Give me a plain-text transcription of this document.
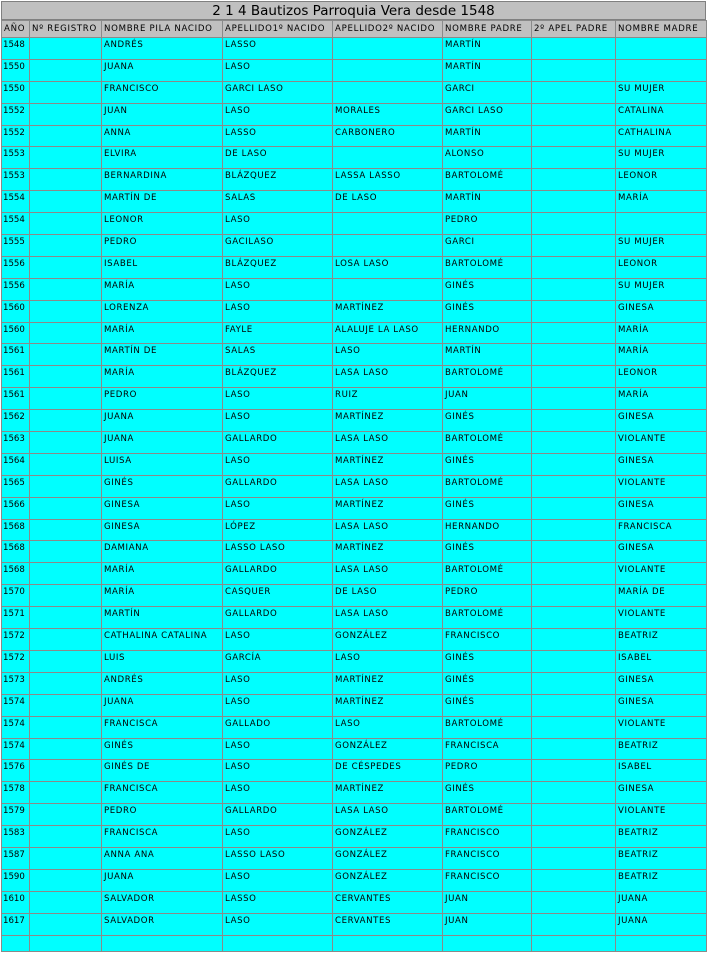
2 1 4 Bautizos Parroquia Vera desde 1548
AÑO	Nº REGISTRO	NOMBRE PILA NACIDO	APELLIDO1º NACIDO	APELLIDO2º NACIDO	NOMBRE PADRE	2º APEL PADRE	NOMBRE MADRE
1548		ANDRÉS	LASSO		MARTÍN		
1550		JUANA	LASO		MARTÍN		
1550		FRANCISCO	GARCI LASO		GARCI		SU MUJER
1552		JUAN	LASO	MORALES	GARCI LASO		CATALINA
1552		ANNA	LASSO	CARBONERO	MARTÍN		CATHALINA
1553		ELVIRA	DE LASO		ALONSO		SU MUJER
1553		BERNARDINA	BLÁZQUEZ	LASSA LASSO	BARTOLOMÉ		LEONOR
1554		MARTÍN DE	SALAS	DE LASO	MARTÍN		MARÍA
1554		LEONOR	LASO		PEDRO		
1555		PEDRO	GACILASO		GARCI		SU MUJER
1556		ISABEL	BLÁZQUEZ	LOSA LASO	BARTOLOMÉ		LEONOR
1556		MARÍA	LASO		GINÉS		SU MUJER
1560		LORENZA	LASO	MARTÍNEZ	GINÉS		GINESA
1560		MARÍA	FAYLE	ALALUJE LA LASO	HERNANDO		MARÍA
1561		MARTÍN DE	SALAS	LASO	MARTÍN		MARÍA
1561		MARÍA	BLÁZQUEZ	LASA LASO	BARTOLOMÉ		LEONOR
1561		PEDRO	LASO	RUIZ	JUAN		MARÍA
1562		JUANA	LASO	MARTÍNEZ	GINÉS		GINESA
1563		JUANA	GALLARDO	LASA LASO	BARTOLOMÉ		VIOLANTE
1564		LUISA	LASO	MARTÍNEZ	GINÉS		GINESA
1565		GINÉS	GALLARDO	LASA LASO	BARTOLOMÉ		VIOLANTE
1566		GINESA	LASO	MARTÍNEZ	GINÉS		GINESA
1568		GINESA	LÓPEZ	LASA LASO	HERNANDO		FRANCISCA
1568		DAMIANA	LASSO LASO	MARTÍNEZ	GINÉS		GINESA
1568		MARÍA	GALLARDO	LASA LASO	BARTOLOMÉ		VIOLANTE
1570		MARÍA	CASQUER	DE LASO	PEDRO		MARÍA DE
1571		MARTÍN	GALLARDO	LASA LASO	BARTOLOMÉ		VIOLANTE
1572		CATHALINA CATALINA	LASO	GONZÁLEZ	FRANCISCO		BEATRIZ
1572		LUIS	GARCÍA	LASO	GINÉS		ISABEL
1573		ANDRÉS	LASO	MARTÍNEZ	GINÉS		GINESA
1574		JUANA	LASO	MARTÍNEZ	GINÉS		GINESA
1574		FRANCISCA	GALLADO	LASO	BARTOLOMÉ		VIOLANTE
1574		GINÉS	LASO	GONZÁLEZ	FRANCISCA		BEATRIZ
1576		GINÉS DE	LASO	DE CÉSPEDES	PEDRO		ISABEL
1578		FRANCISCA	LASO	MARTÍNEZ	GINÉS		GINESA
1579		PEDRO	GALLARDO	LASA LASO	BARTOLOMÉ		VIOLANTE
1583		FRANCISCA	LASO	GONZÁLEZ	FRANCISCO		BEATRIZ
1587		ANNA ANA	LASSO LASO	GONZÁLEZ	FRANCISCO		BEATRIZ
1590		JUANA	LASO	GONZÁLEZ	FRANCISCO		BEATRIZ
1610		SALVADOR	LASSO	CERVANTES	JUAN		JUANA
1617		SALVADOR	LASO	CERVANTES	JUAN		JUANA
